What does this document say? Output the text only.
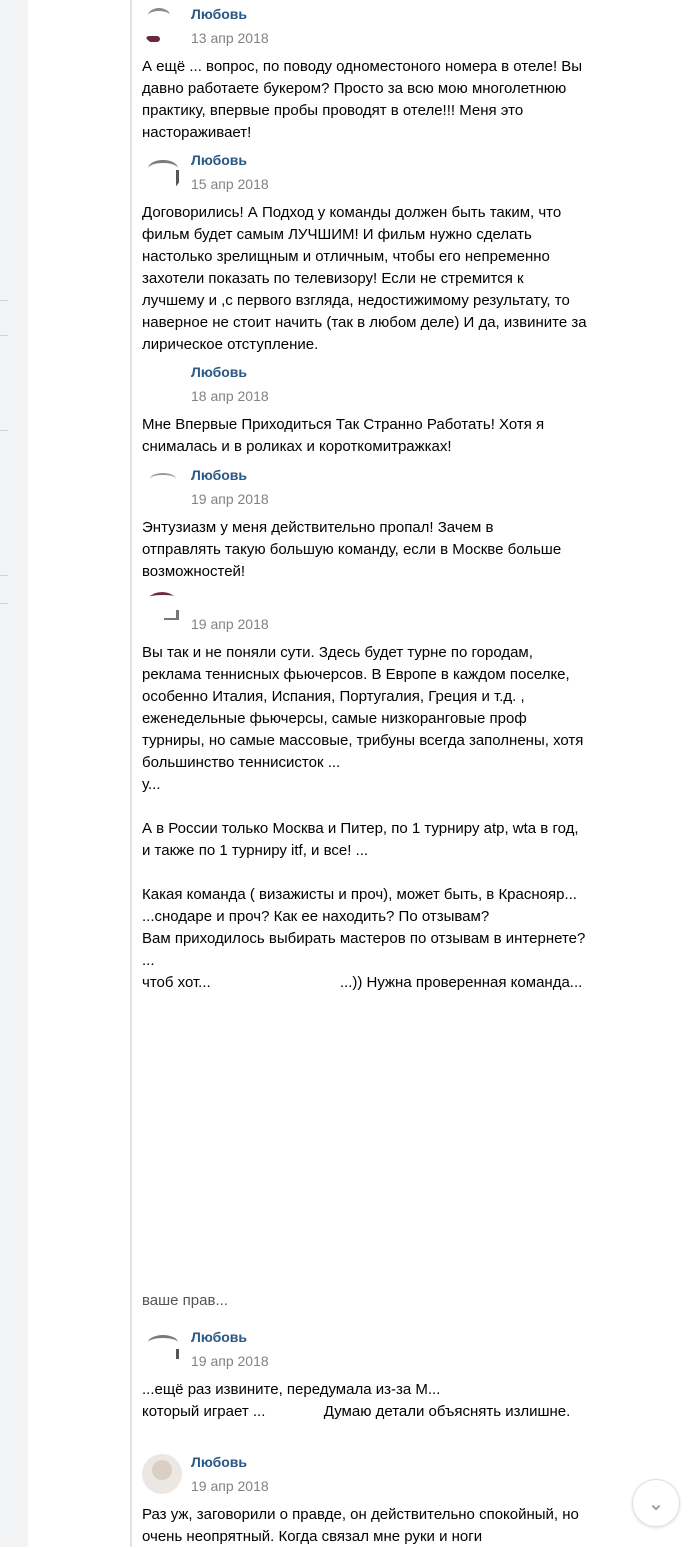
Любовь
13 апр 2018
А ещё ... вопрос, по поводу одноместоного номера в отеле! Вы давно работаете букером? Просто за всю мою многолетнюю практику, впервые пробы проводят в отеле!!! Меня это настораживает!
Любовь
15 апр 2018
Договорились! А Подход у команды должен быть таким, что фильм будет самым ЛУЧШИМ! И фильм нужно сделать настолько зрелищным и отличным, чтобы его непременно захотели показать по телевизору! Если не стремится к лучшему и ,с первого взгляда, недостижимому результату, то наверное не стоит начить (так в любом деле) И да, извините за лирическое отступление.
Любовь
18 апр 2018
Мне Впервые Приходиться Так Странно Работать! Хотя я снималась и в роликах и короткомитражках!
Любовь
19 апр 2018
Энтузиазм у меня действительно пропал! Зачем в               отправлять такую большую команду, если в Москве больше возможностей!
19 апр 2018
Вы так и не поняли сути. Здесь будет турне по городам, реклама теннисных фьючерсов. В Европе в каждом поселке, особенно Италия, Испания, Португалия, Греция и т.д. , еженедельные фьючерсы, самые низкоранговые проф турниры, но самые массовые, трибуны всегда заполнены, хотя большинство теннисисток ...
у...

А в России только Москва и Питер, по 1 турниру atp, wta в год, и также по 1 турниру itf, и все! ...

Какая команда ( визажисты и проч), может быть, в Краснояр...              ...снодаре и проч? Как ее находить? По отзывам?
Вам приходилось выбирать мастеров по отзывам в интернете? ...
чтоб хот...                               ...)) Нужна проверенная команда...
ваше прав...
Любовь
19 апр 2018
...ещё раз извините, передумала из-за М...
который играет ...              Думаю детали объяснять излишне.
Любовь
19 апр 2018
Раз уж, заговорили о правде, он действительно спокойный, но очень неопрятный. Когда связал мне руки и ноги
⌄
